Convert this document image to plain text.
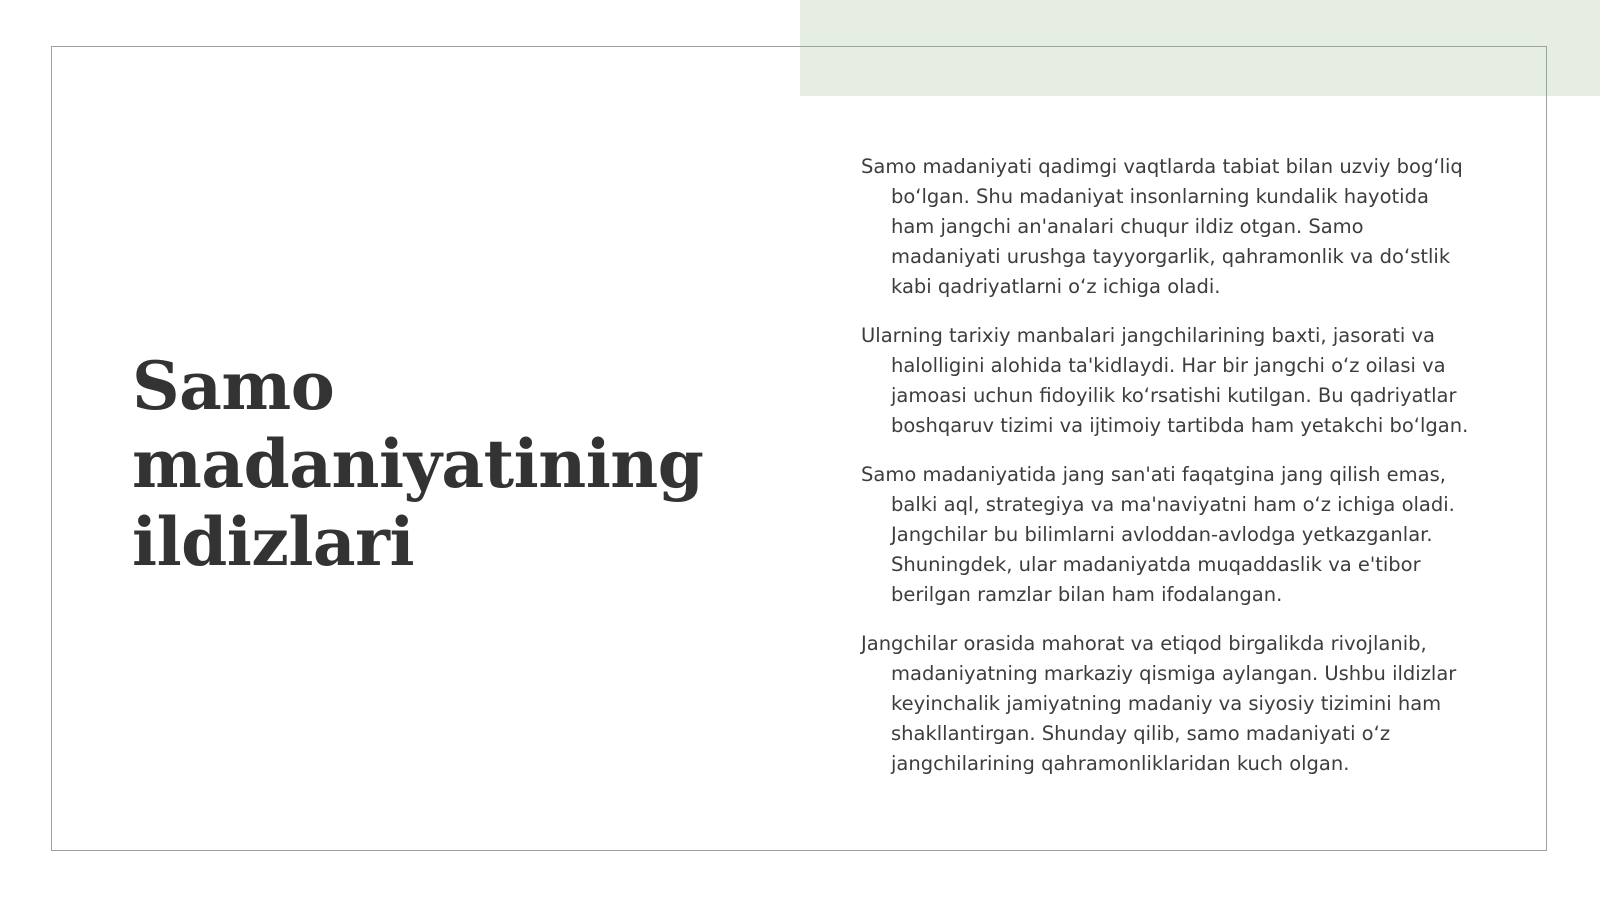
Samo madaniyatining ildizlari

Samo madaniyati qadimgi vaqtlarda tabiat bilan uzviy bog‘liq bo‘lgan. Shu madaniyat insonlarning kundalik hayotida ham jangchi an'analari chuqur ildiz otgan. Samo madaniyati urushga tayyorgarlik, qahramonlik va do‘stlik kabi qadriyatlarni o‘z ichiga oladi.

Ularning tarixiy manbalari jangchilarining baxti, jasorati va halolligini alohida ta'kidlaydi. Har bir jangchi o‘z oilasi va jamoasi uchun fidoyilik ko‘rsatishi kutilgan. Bu qadriyatlar boshqaruv tizimi va ijtimoiy tartibda ham yetakchi bo‘lgan.

Samo madaniyatida jang san'ati faqatgina jang qilish emas, balki aql, strategiya va ma'naviyatni ham o‘z ichiga oladi. Jangchilar bu bilimlarni avloddan-avlodga yetkazganlar. Shuningdek, ular madaniyatda muqaddaslik va e'tibor berilgan ramzlar bilan ham ifodalangan.

Jangchilar orasida mahorat va etiqod birgalikda rivojlanib, madaniyatning markaziy qismiga aylangan. Ushbu ildizlar keyinchalik jamiyatning madaniy va siyosiy tizimini ham shakllantirgan. Shunday qilib, samo madaniyati o‘z jangchilarining qahramonliklaridan kuch olgan.
